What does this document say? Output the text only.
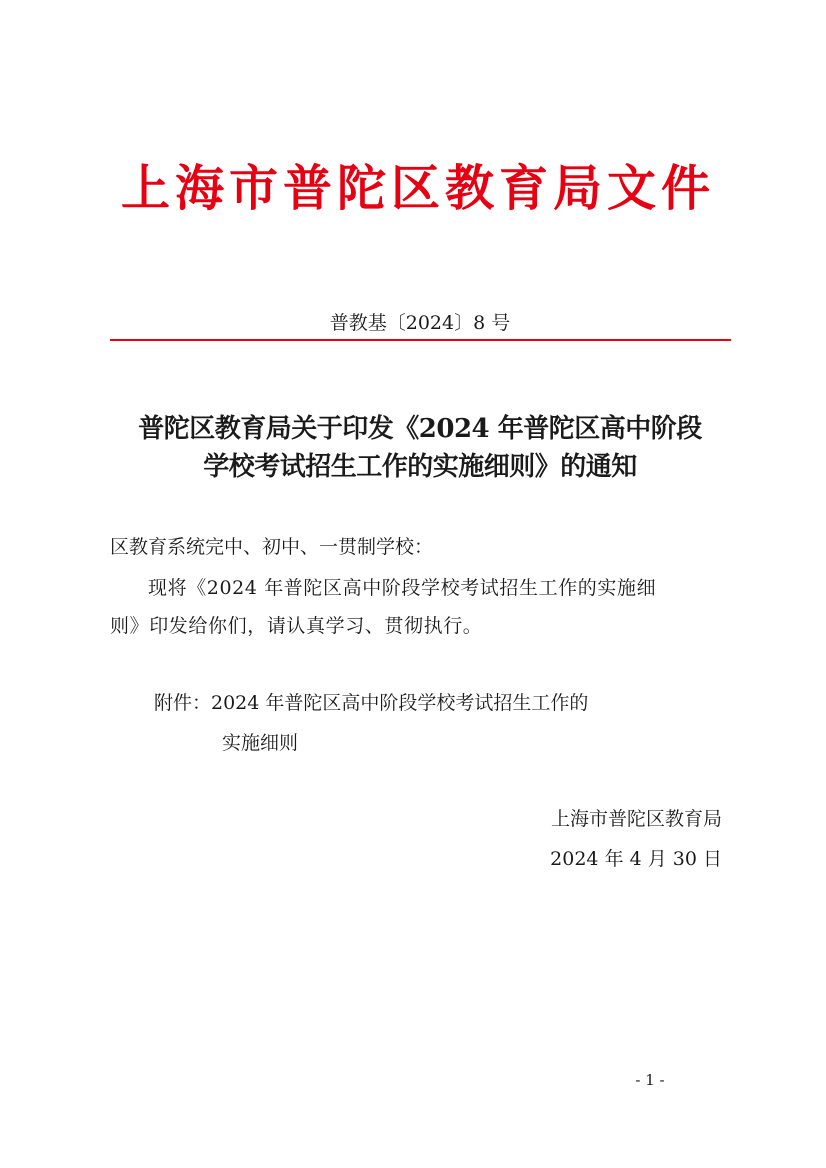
上海市普陀区教育局文件
普教基〔2024〕8 号
普陀区教育局关于印发《2024 年普陀区高中阶段
学校考试招生工作的实施细则》的通知
区教育系统完中、初中、一贯制学校：
现将《2024 年普陀区高中阶段学校考试招生工作的实施细
则》印发给你们，请认真学习、贯彻执行。
附件：2024 年普陀区高中阶段学校考试招生工作的
实施细则
上海市普陀区教育局
2024 年 4 月 30 日
- 1 -
